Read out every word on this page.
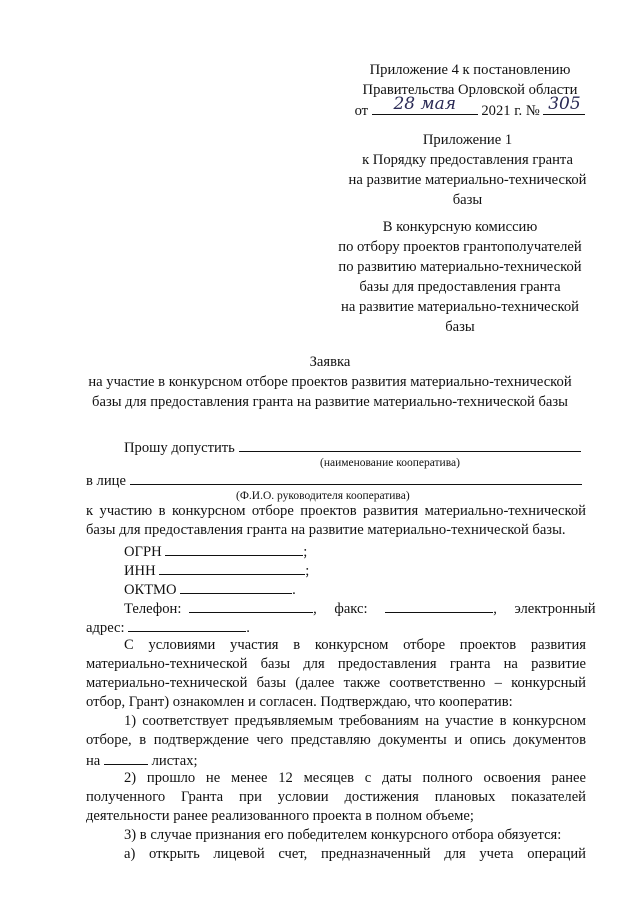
Приложение 4 к постановлению
Правительства Орловской области
от 28 мая 2021 г. № 305
Приложение 1
к Порядку предоставления гранта
на развитие материально-технической
базы
В конкурсную комиссию
по отбору проектов грантополучателей
по развитию материально-технической
базы для предоставления гранта
на развитие материально-технической
базы
Заявка
на участие в конкурсном отборе проектов развития материально-технической
базы для предоставления гранта на развитие материально-технической базы
Прошу допустить
(наименование кооператива)
в лице
(Ф.И.О. руководителя кооператива)
к участию в конкурсном отборе проектов развития материально-технической
базы для предоставления гранта на развитие материально-технической базы.
ОГРН	;
ИНН	;
ОКТМО	.
Телефон:	, факс:	, электронный
адрес:	.
С условиями участия в конкурсном отборе проектов развития
материально-технической базы для предоставления гранта на развитие
материально-технической базы (далее также соответственно – конкурсный
отбор, Грант) ознакомлен и согласен. Подтверждаю, что кооператив:
1) соответствует предъявляемым требованиям на участие в конкурсном
отборе, в подтверждение чего представляю документы и опись документов
на	листах;
2) прошло не менее 12 месяцев с даты полного освоения ранее
полученного Гранта при условии достижения плановых показателей
деятельности ранее реализованного проекта в полном объеме;
3) в случае признания его победителем конкурсного отбора обязуется:
а) открыть лицевой счет, предназначенный для учета операций
